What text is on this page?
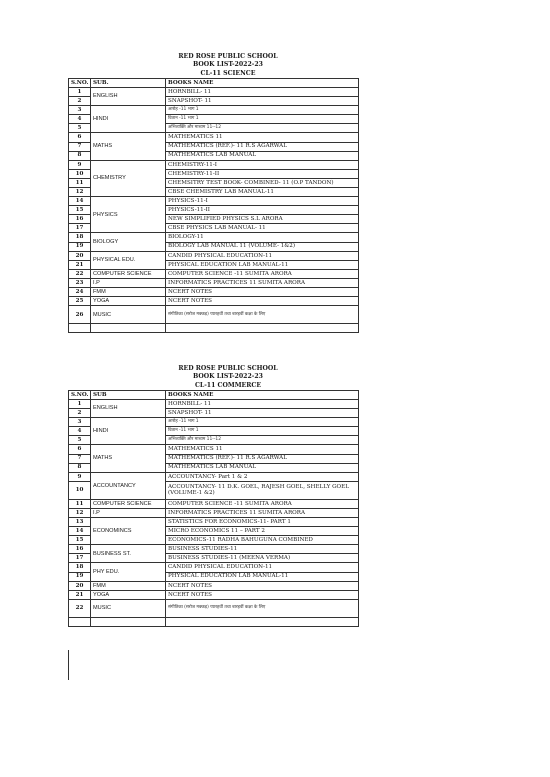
RED ROSE PUBLIC SCHOOL
BOOK LIST-2022-23
CL-11 SCIENCE
S.NO.	SUB.	BOOKS NAME
1	ENGLISH	HORNBILL- 11
2		SNAPSHOT- 11
3	HINDI	आरोह -11 भाग 1
4		वितान -11 भाग 1
5		अभिव्यक्ति और माध्यम 11--12
6	MATHS	MATHEMATICS 11
7		MATHEMATICS (REF.)- 11 R.S AGARWAL
8		MATHEMATICS LAB MANUAL
9	CHEMISTRY	CHEMISTRY-11-I
10		CHEMISTRY-11-II
11		CHEMSITRY TEST BOOK- COMBINED- 11 (O.P TANDON)
12		CBSE CHEMISTRY LAB MANUAL-11
14	PHYSICS	PHYSICS-11-I
15		PHYSICS-11-II
16		NEW SIMPLIFIED PHYSICS S.L ARORA
17		CBSE PHYSICS LAB MANUAL- 11
18	BIOLOGY	BIOLOGY-11
19		BIOLOGY LAB MANUAL 11 (VOLUME- 1&2)
20	PHYSICAL EDU.	CANDID PHYSICAL EDUCATION-11
21		PHYSICAL EDUCATION LAB MANUAL-11
22	COMPUTER SCIENCE	COMPUTER SCIENCE -11 SUMITA ARORA
23	I.P	INFORMATICS PRACTICES 11 SUMITA ARORA
24	FMM	NCERT NOTES
25	YOGA	NCERT NOTES
26	MUSIC	संगीतिका (सरोज मक्कड़) प्यारहवीं तथा बारहवीं कक्षा के लिए

RED ROSE PUBLIC SCHOOL
BOOK LIST-2022-23
CL-11 COMMERCE
S.NO.	SUB	BOOKS NAME
1	ENGLISH	HORNBILL- 11
2		SNAPSHOT- 11
3	HINDI	आरोह -11 भाग 1
4		वितान -11 भाग 1
5		अभिव्यक्ति और माध्यम 11--12
6	MATHS	MATHEMATICS 11
7		MATHEMATICS (REF.)- 11 R.S AGARWAL
8		MATHEMATICS LAB MANUAL
9	ACCOUNTANCY	ACCOUNTANCY- Part 1 & 2
10		ACCOUNTANCY- 11 D.K. GOEL, RAJESH GOEL, SHELLY GOEL (VOLUME-1 &2)
11	COMPUTER SCIENCE	COMPUTER SCIENCE -11 SUMITA ARORA
12	I.P	INFORMATICS PRACTICES 11 SUMITA ARORA
13	ECONOMINCS	STATISTICS FOR ECONOMICS-11- PART 1
14		MICRO ECONOMICS 11 – PART 2
15		ECONOMICS-11 RADHA BAHUGUNA COMBINED
16	BUSINESS ST.	BUSINESS STUDIES-11
17		BUSINESS STUDIES-11 (MEENA VERMA)
18	PHY EDU.	CANDID PHYSICAL EDUCATION-11
19		PHYSICAL EDUCATION LAB MANUAL-11
20	FMM	NCERT NOTES
21	YOGA	NCERT NOTES
22	MUSIC	संगीतिका (सरोज मक्कड़) प्यारहवीं तथा बारहवीं कक्षा के लिए
